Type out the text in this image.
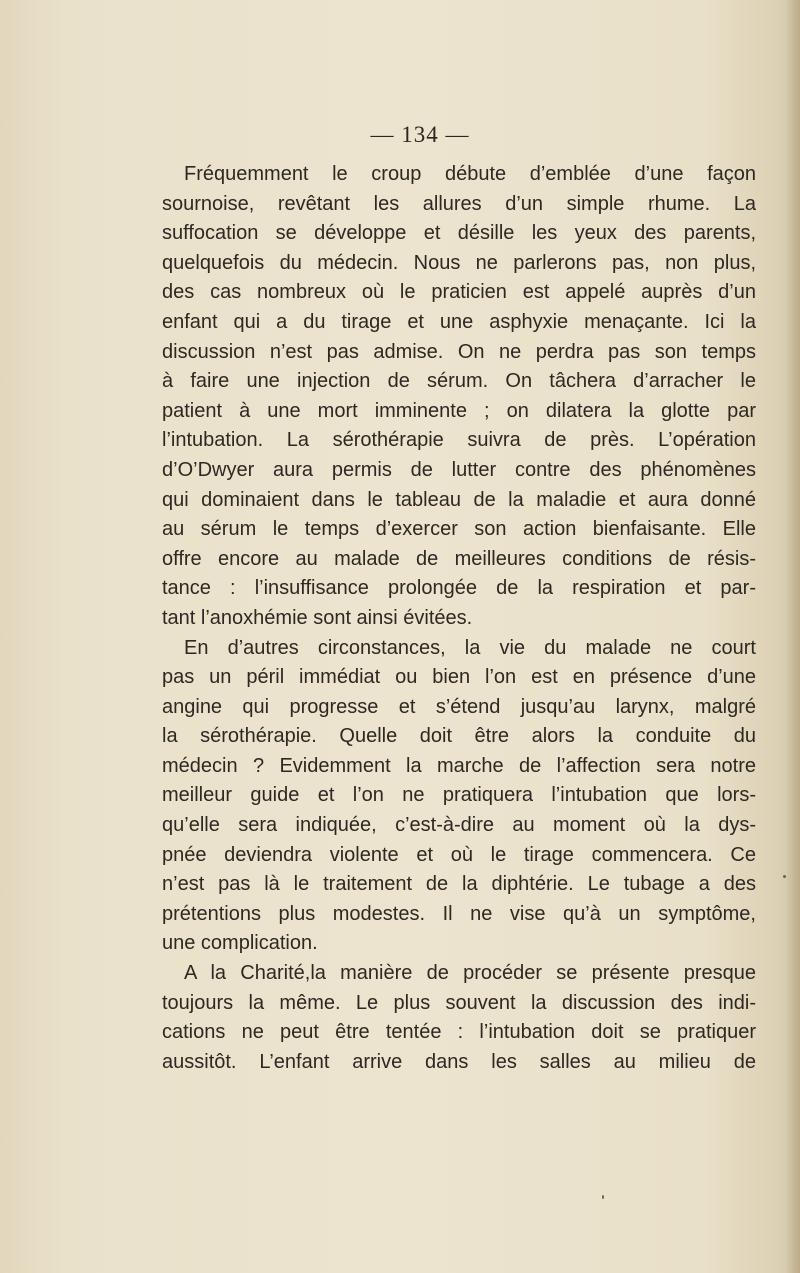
— 134 —
Fréquemment le croup débute d’emblée d’une façon
sournoise, revêtant les allures d’un simple rhume. La
suffocation se développe et désille les yeux des parents,
quelquefois du médecin. Nous ne parlerons pas, non plus,
des cas nombreux où le praticien est appelé auprès d’un
enfant qui a du tirage et une asphyxie menaçante. Ici la
discussion n’est pas admise. On ne perdra pas son temps
à faire une injection de sérum. On tâchera d’arracher le
patient à une mort imminente ; on dilatera la glotte par
l’intubation. La sérothérapie suivra de près. L’opération
d’O’Dwyer aura permis de lutter contre des phénomènes
qui dominaient dans le tableau de la maladie et aura donné
au sérum le temps d’exercer son action bienfaisante. Elle
offre encore au malade de meilleures conditions de résis-
tance : l’insuffisance prolongée de la respiration et par-
tant l’anoxhémie sont ainsi évitées.
En d’autres circonstances, la vie du malade ne court
pas un péril immédiat ou bien l’on est en présence d’une
angine qui progresse et s’étend jusqu’au larynx, malgré
la sérothérapie. Quelle doit être alors la conduite du
médecin ? Evidemment la marche de l’affection sera notre
meilleur guide et l’on ne pratiquera l’intubation que lors-
qu’elle sera indiquée, c’est-à-dire au moment où la dys-
pnée deviendra violente et où le tirage commencera. Ce
n’est pas là le traitement de la diphtérie. Le tubage a des
prétentions plus modestes. Il ne vise qu’à un symptôme,
une complication.
A la Charité,la manière de procéder se présente presque
toujours la même. Le plus souvent la discussion des indi-
cations ne peut être tentée : l’intubation doit se pratiquer
aussitôt. L’enfant arrive dans les salles au milieu de
